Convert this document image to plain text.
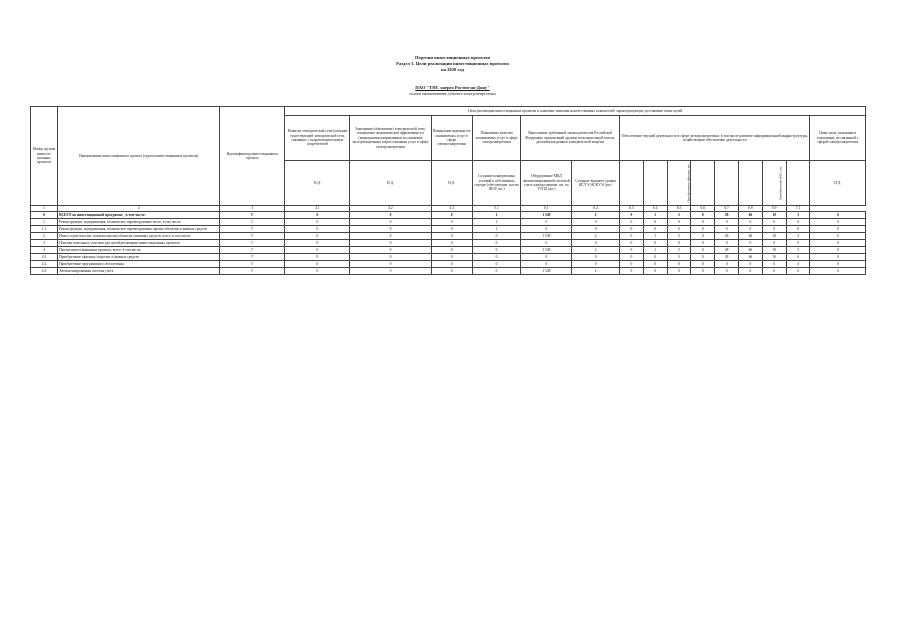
Перечни инвестиционных проектов
Раздел 3. Цели реализации инвестиционных проектов
на 2020 год
ПАО "ТНС энерго Ростов-на-Дону"
полное наименование субъекта электроэнергетики
Номер группы инвести-ционных проектов	Наименование инвестиционного проекта (группы инвестиционных проектов)	Идентификатор инвестиционного проекта	Цели реализации инвестиционных проектов и плановые значения количественных показателей, характеризующих достижение таких целей														
			Развитие электрической сети/усиление существующей электрической сети, связанное с подключением новых потребителей	Замещение (обновление) электрической сети/повышение экономической эффективности (мероприятия направленные на снижение эксплуатационных затрат) оказания услуг в сфере электроэнергетики	Повышение надежности оказываемых услуг в сфере электроэнергетики	Повышение качества оказываемых услуг в сфере электроэнергетики	Выполнение требований законодательства Российской Федерации, предписаний органов исполнительной власти, регламентов рынков электрической энергии		Обеспечение текущей деятельности в сфере электроэнергетики, в том числе развитие информационной инфраструктуры, хозяйственное обеспечение деятельности								Иные цели, указанные в отношении, не связанной с сферой электроэнергетики
			Н.Д.	Н.Д.	Н.Д.	Создание конкурентных условий в собственном секторе (обеспечение, кол-во ШОУ, шт.)	Оборудование МКД автоматизированной системой учета электроэнергии, шт. по УСПД (шт.)	Создание верхнего уровня ИСУЭ (АСКУЭ) (шт.)			Приобретение офисных шт.				Приобретение ИБП, шт.		Н.Д.
1	2	3	4.1	4.2	4.3	5.1	6.1	6.2	6.3	6.4	6.5	6.6	6.7	6.8	6.9	7.1	
0	ВСЕГО по инвестиционной программе , в том числе:	Г	0	0	0	1	1 549	2	0	1	5	0	28	66	10	3	0
1	Реконструкция, модернизация, техническое перевооружение всего, в том числе:	Г	0	0	0	1	0	0	0	0	0	0	0	0	0	0	0
1.1	Реконструкция, модернизация, техническое перевооружение прочих объектов основных средств	Г	0	0	0	1	0	0	0	0	0	0	0	0	0	0	0
2	Новое строительство, покупка прочих объектов основных средств, всего, в том числе:	Г	0	0	0	0	1 549	2	0	1	5	0	28	66	10	3	0
3	Покупка земельных участков для целей реализации инвестиционных проектов	Г	0	0	0	0	0	0	0	0	0	0	0	0	0	0	0
4	Прочие инвестиционные проекты, всего, в том числе:	Г	0	0	0	0	1 549	2	0	1	5	0	28	66	10	3	0
4.1	Приобретение офисных и прочих основных средств	Г	0	0	0	0	0	0	0	0	5	0	28	66	10	0	0
4.2	Приобретение программного обеспечения	Г	0	0	0	0	0	0	0	0	0	0	0	0	0	3	0
4.3	Автоматизированная система учета	Г	0	0	0	0	1 549	2	0	0	0	0	0	0	0	0	0
